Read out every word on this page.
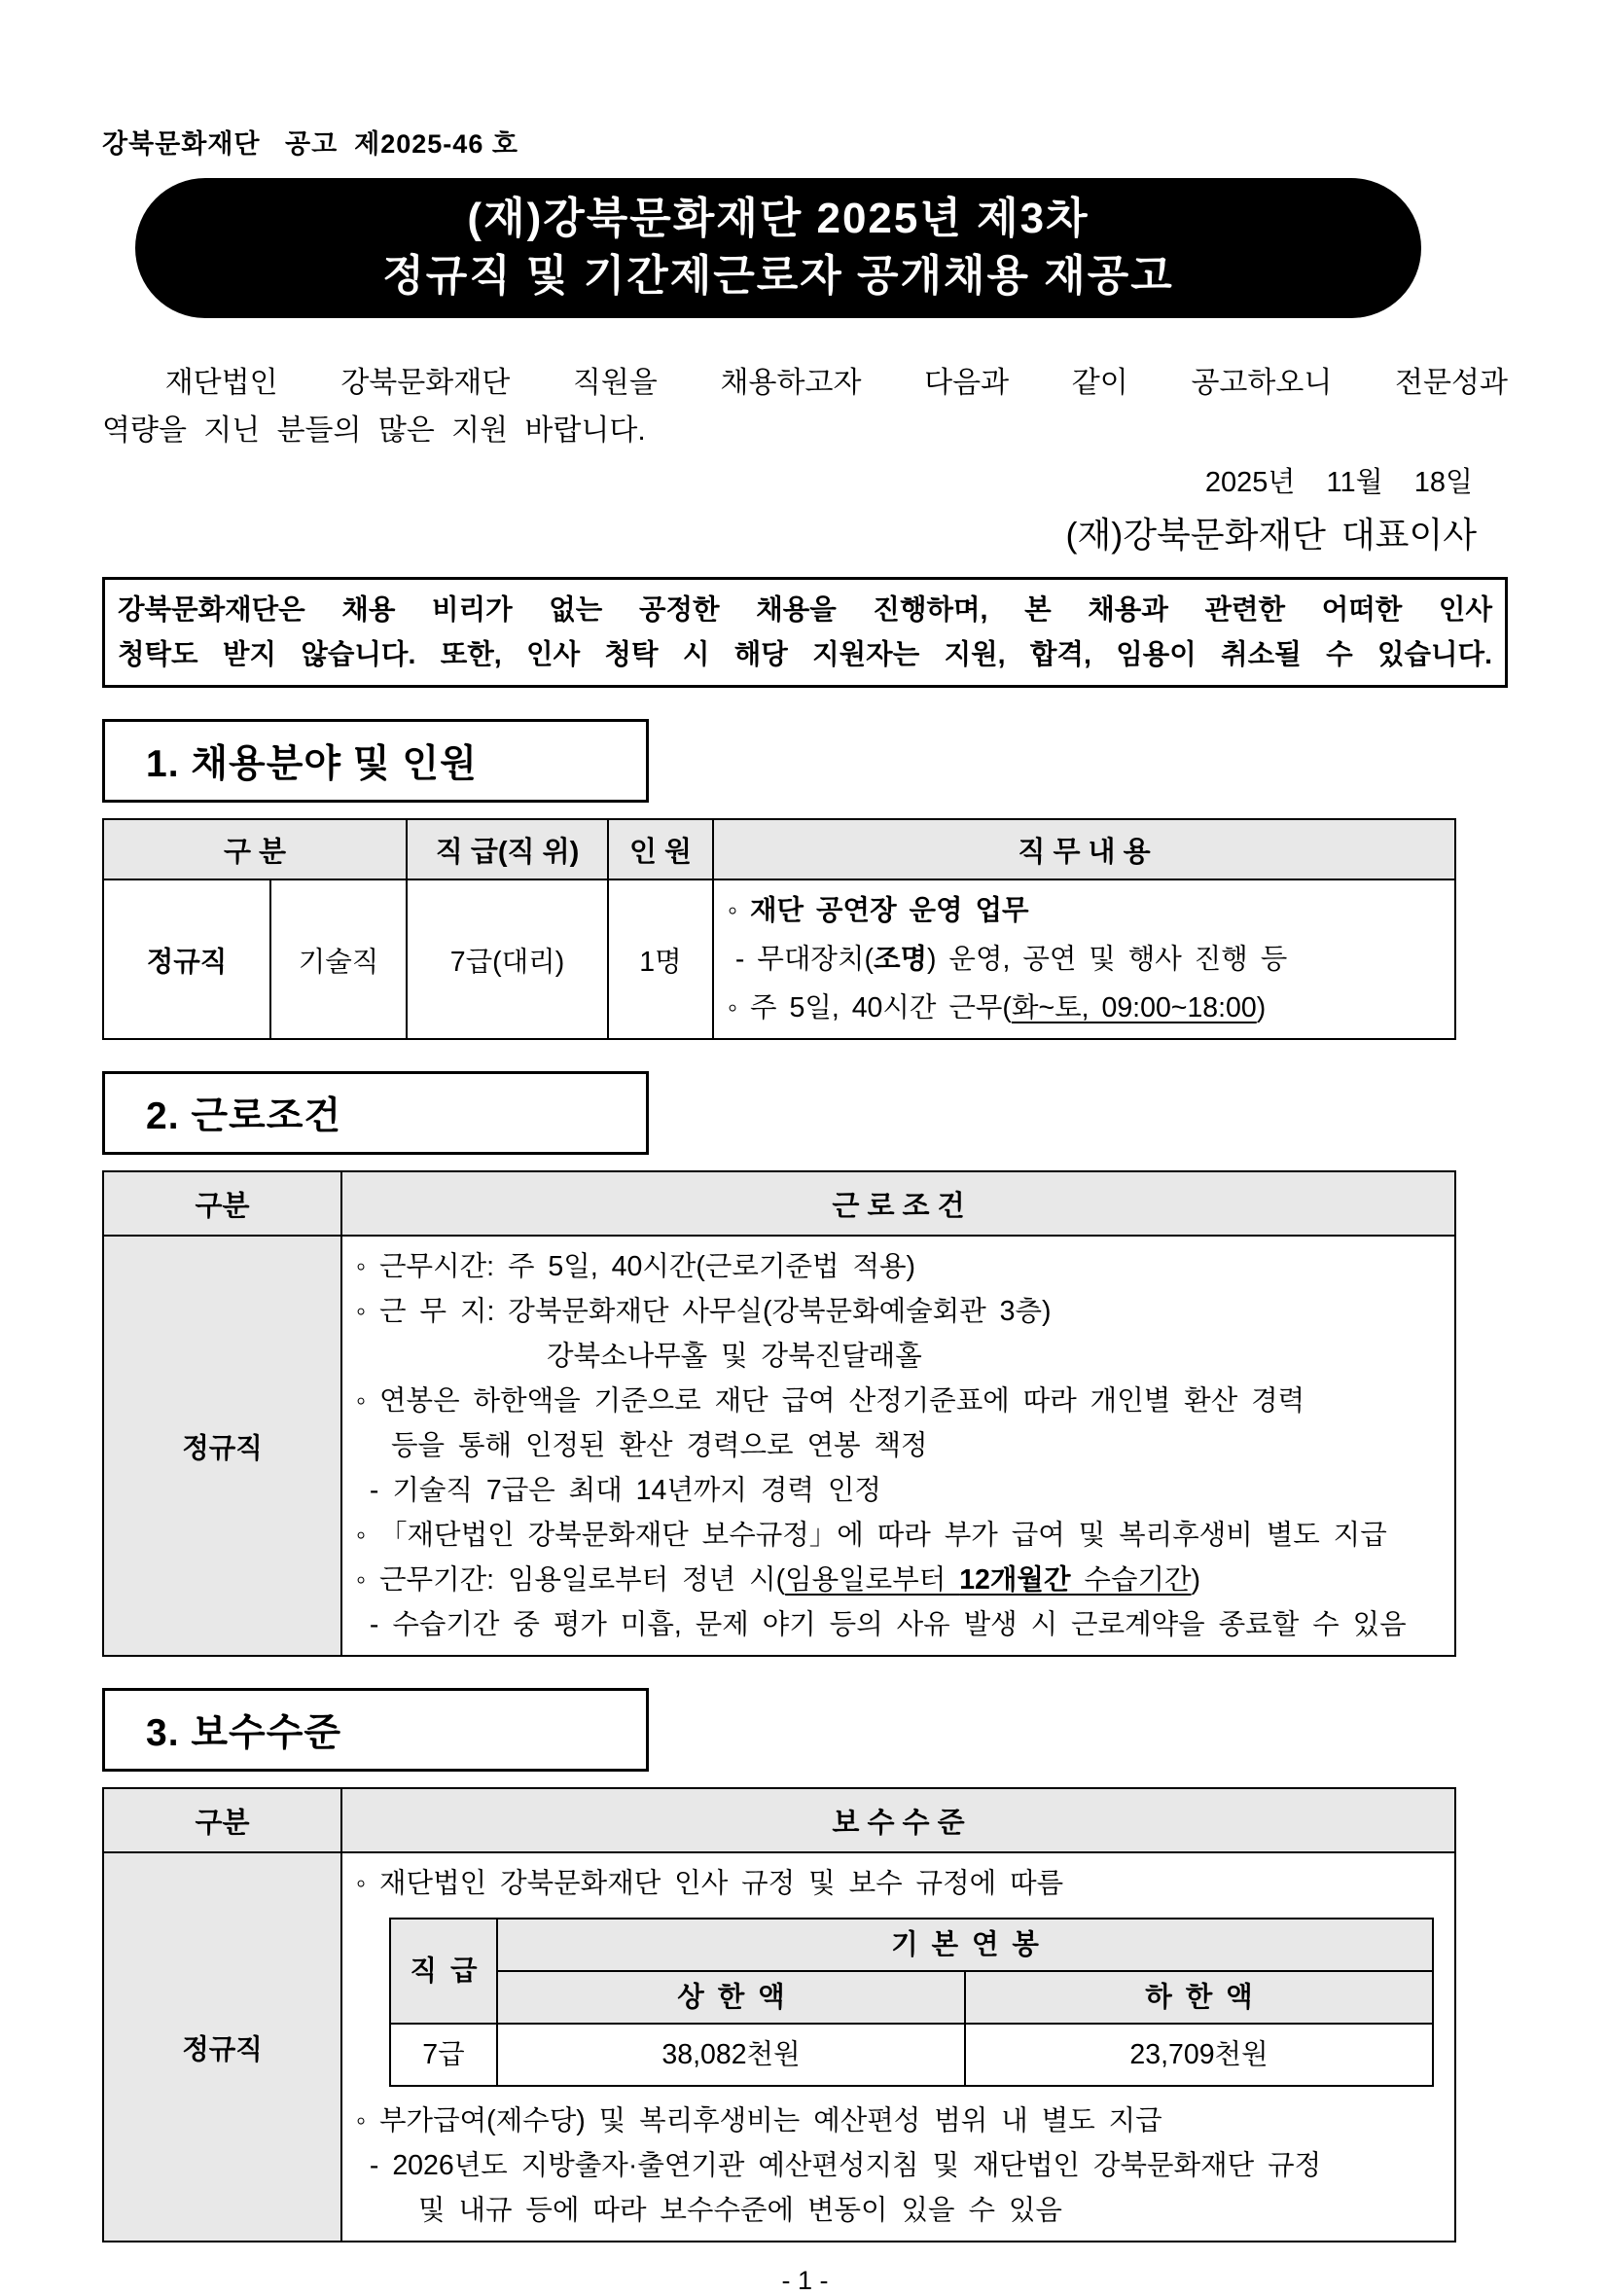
강북문화재단   공고  제2025-46 호
(재)강북문화재단 2025년 제3차
정규직 및 기간제근로자 공개채용 재공고
재단법인 강북문화재단 직원을 채용하고자 다음과 같이 공고하오니 전문성과
역량을 지닌 분들의 많은 지원 바랍니다.
2025년  11월  18일
(재)강북문화재단 대표이사
강북문화재단은 채용 비리가 없는 공정한 채용을 진행하며, 본 채용과 관련한 어떠한 인사
청탁도 받지 않습니다. 또한, 인사 청탁 시 해당 지원자는 지원, 합격, 임용이 취소될 수 있습니다.
1. 채용분야 및 인원
구 분		직 급(직 위)	인 원	직 무 내 용
정규직	기술직	7급(대리)	1명	◦ 재단 공연장 운영 업무
- 무대장치(조명) 운영, 공연 및 행사 진행 등
◦ 주 5일, 40시간 근무(화~토, 09:00~18:00)
2. 근로조건
구분	근 로 조 건
정규직	
◦ 근무시간: 주 5일, 40시간(근로기준법 적용)
◦ 근 무 지: 강북문화재단 사무실(강북문화예술회관 3층)
강북소나무홀 및 강북진달래홀
◦ 연봉은 하한액을 기준으로 재단 급여 산정기준표에 따라 개인별 환산 경력
등을 통해 인정된 환산 경력으로 연봉 책정
- 기술직 7급은 최대 14년까지 경력 인정
◦ 「재단법인 강북문화재단 보수규정」에 따라 부가 급여 및 복리후생비 별도 지급
◦ 근무기간: 임용일로부터 정년 시(임용일로부터 12개월간 수습기간)
- 수습기간 중 평가 미흡, 문제 야기 등의 사유 발생 시 근로계약을 종료할 수 있음
3. 보수수준
구분	보 수 수 준
정규직	
◦ 재단법인 강북문화재단 인사 규정 및 보수 규정에 따름
직 급	기 본 연 봉
상 한 액	하 한 액
7급	38,082천원	23,709천원
◦ 부가급여(제수당) 및 복리후생비는 예산편성 범위 내 별도 지급
- 2026년도 지방출자·출연기관 예산편성지침 및 재단법인 강북문화재단 규정
및 내규 등에 따라 보수수준에 변동이 있을 수 있음
- 1 -
